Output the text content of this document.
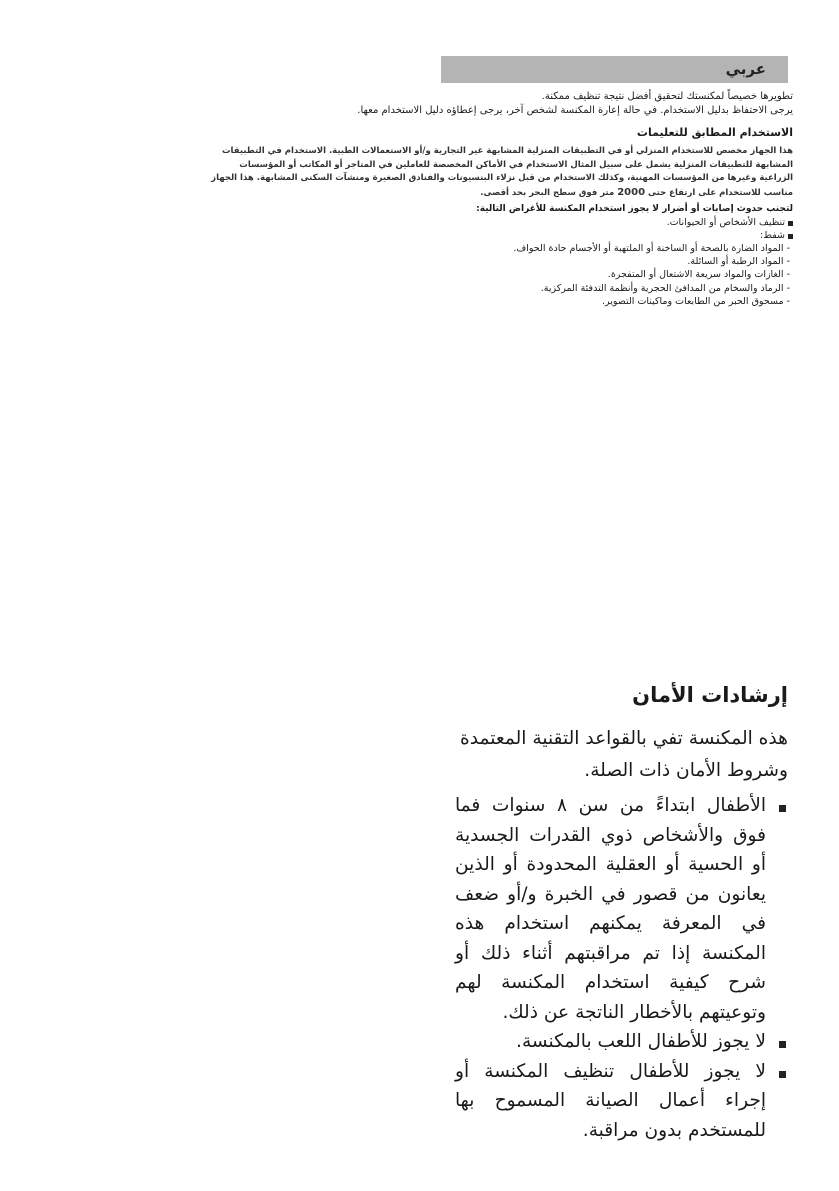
عربي

تطويرها خصيصاً لمكنستك لتحقيق أفضل نتيجة تنظيف ممكنة.

يرجى الاحتفاظ بدليل الاستخدام. في حالة إعارة المكنسة لشخص آخر، يرجى إعطاؤه دليل الاستخدام معها.

الاستخدام المطابق للتعليمات

هذا الجهاز مخصص للاستخدام المنزلي أو في التطبيقات المنزلية المشابهة غير التجارية و/أو الاستعمالات الطبية. الاستخدام في التطبيقات المشابهة للتطبيقات المنزلية يشمل على سبيل المثال الاستخدام في الأماكن المخصصة للعاملين في المتاجر أو المكاتب أو المؤسسات الزراعية وغيرها من المؤسسات المهنية، وكذلك الاستخدام من قبل نزلاء البنسيونات والفنادق الصغيرة ومنشآت السكنى المشابهة. هذا الجهاز مناسب للاستخدام على ارتفاع حتى 2000 متر فوق سطح البحر بحد أقصى.

لتجنب حدوث إصابات أو أضرار لا يجوز استخدام المكنسة للأغراض التالية:

تنظيف الأشخاص أو الحيوانات.
شفط:
- المواد الضارة بالصحة أو الساخنة أو الملتهبة أو الأجسام حادة الحواف.
- المواد الرطبة أو السائلة.
- الغازات والمواد سريعة الاشتعال أو المتفجرة.
- الرماد والسخام من المدافئ الحجرية وأنظمة التدفئة المركزية.
- مسحوق الحبر من الطابعات وماكينات التصوير.
إرشادات الأمان

هذه المكنسة تفي بالقواعد التقنية المعتمدة وشروط الأمان ذات الصلة.

الأطفال ابتداءً من سن ٨ سنوات فما فوق والأشخاص ذوي القدرات الجسدية أو الحسية أو العقلية المحدودة أو الذين يعانون من قصور في الخبرة و/أو ضعف في المعرفة يمكنهم استخدام هذه المكنسة إذا تم مراقبتهم أثناء ذلك أو شرح كيفية استخدام المكنسة لهم وتوعيتهم بالأخطار الناتجة عن ذلك.
لا يجوز للأطفال اللعب بالمكنسة.
لا يجوز للأطفال تنظيف المكنسة أو إجراء أعمال الصيانة المسموح بها للمستخدم بدون مراقبة.
